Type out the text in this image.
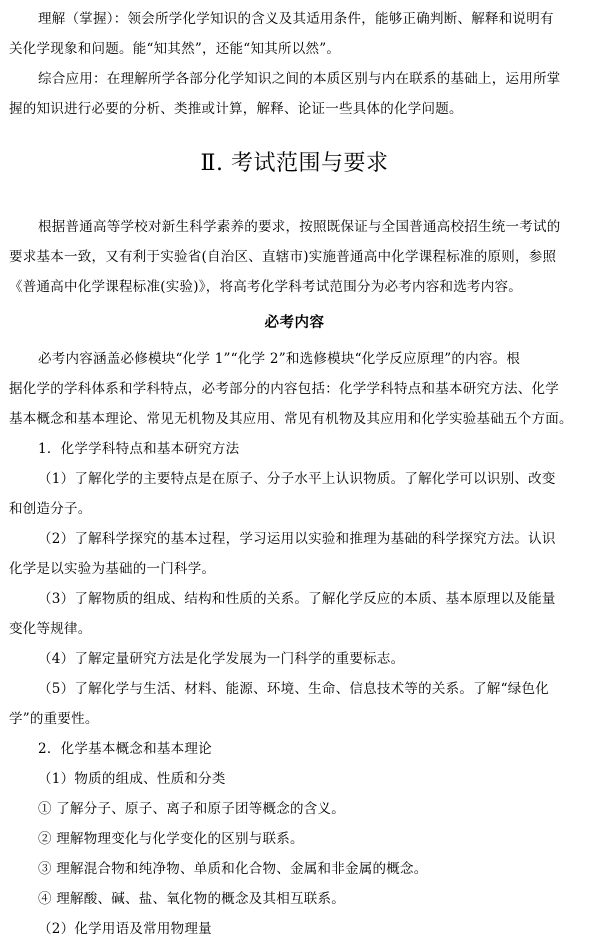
理解（掌握）：领会所学化学知识的含义及其适用条件，能够正确判断、解释和说明有
关化学现象和问题。能“知其然”，还能“知其所以然”。
综合应用：在理解所学各部分化学知识之间的本质区别与内在联系的基础上，运用所掌
握的知识进行必要的分析、类推或计算，解释、论证一些具体的化学问题。
Ⅱ. 考试范围与要求
根据普通高等学校对新生科学素养的要求，按照既保证与全国普通高校招生统一考试的
要求基本一致，又有利于实验省(自治区、直辖市)实施普通高中化学课程标准的原则，参照
《普通高中化学课程标准(实验)》，将高考化学科考试范围分为必考内容和选考内容。
必考内容
必考内容涵盖必修模块“化学 1”“化学 2”和选修模块“化学反应原理”的内容。根
据化学的学科体系和学科特点，必考部分的内容包括：化学学科特点和基本研究方法、化学
基本概念和基本理论、常见无机物及其应用、常见有机物及其应用和化学实验基础五个方面。
1．化学学科特点和基本研究方法
（1）了解化学的主要特点是在原子、分子水平上认识物质。了解化学可以识别、改变
和创造分子。
（2）了解科学探究的基本过程，学习运用以实验和推理为基础的科学探究方法。认识
化学是以实验为基础的一门科学。
（3）了解物质的组成、结构和性质的关系。了解化学反应的本质、基本原理以及能量
变化等规律。
（4）了解定量研究方法是化学发展为一门科学的重要标志。
（5）了解化学与生活、材料、能源、环境、生命、信息技术等的关系。了解“绿色化
学”的重要性。
2．化学基本概念和基本理论
（1）物质的组成、性质和分类
① 了解分子、原子、离子和原子团等概念的含义。
② 理解物理变化与化学变化的区别与联系。
③ 理解混合物和纯净物、单质和化合物、金属和非金属的概念。
④ 理解酸、碱、盐、氧化物的概念及其相互联系。
（2）化学用语及常用物理量
